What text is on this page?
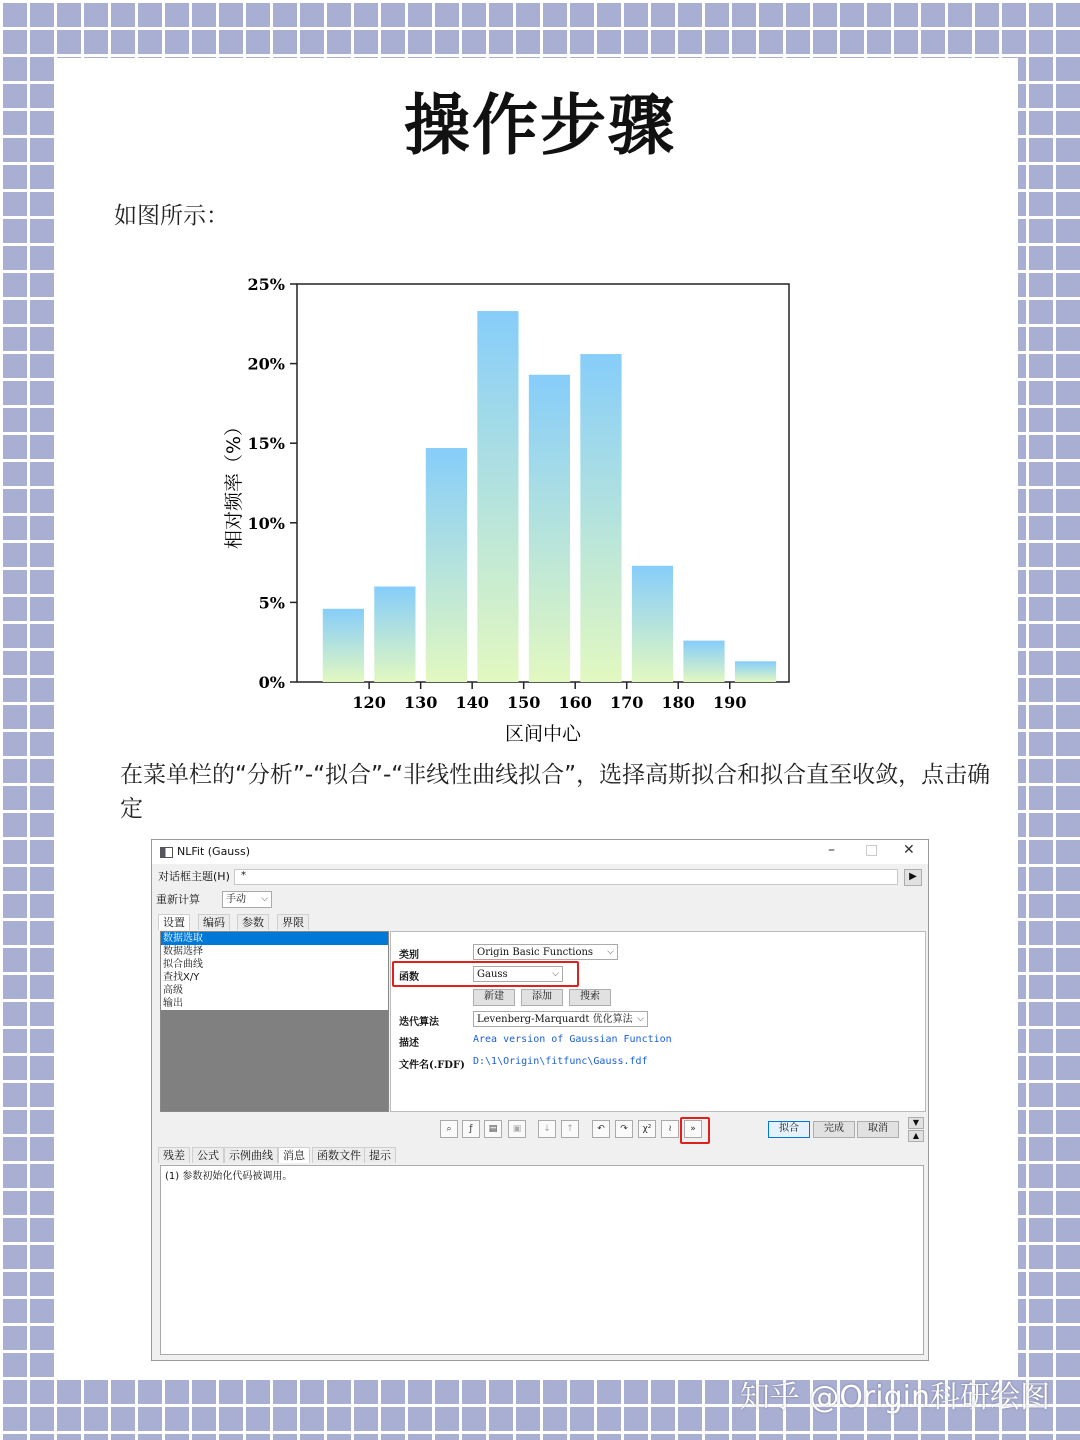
操作步骤
如图所示：
0%
5%
10%
15%
20%
25%
120 130 140 150 160 170 180 190
区间中心
相对频率（%）
在菜单栏的“分析”-“拟合”-“非线性曲线拟合”，选择高斯拟合和拟合直至收敛，点击确定
NLFit (Gauss)	– □ ✕
对话框主题(H) *	▶
重新计算	手动 ⌵
设置	编码	参数	界限
数据选取
数据选择
拟合曲线
查找X/Y
高级
输出
类别	Origin Basic Functions ⌵
函数	Gauss	⌵
新建	添加	搜索
迭代算法	Levenberg-Marquardt 优化算法 ⌵
描述	Area version of Gaussian Function
文件名(.FDF) D:\1\Origin\fitfunc\Gauss.fdf
⌕	ƒ	▤	▣	↓	↑	↶	↷	χ²	≀	»	拟合	完成	取消
▼
▲
残差	公式 示例曲线 消息	函数文件 提示
(1) 参数初始化代码被调用。
知乎 @Origin科研绘图
